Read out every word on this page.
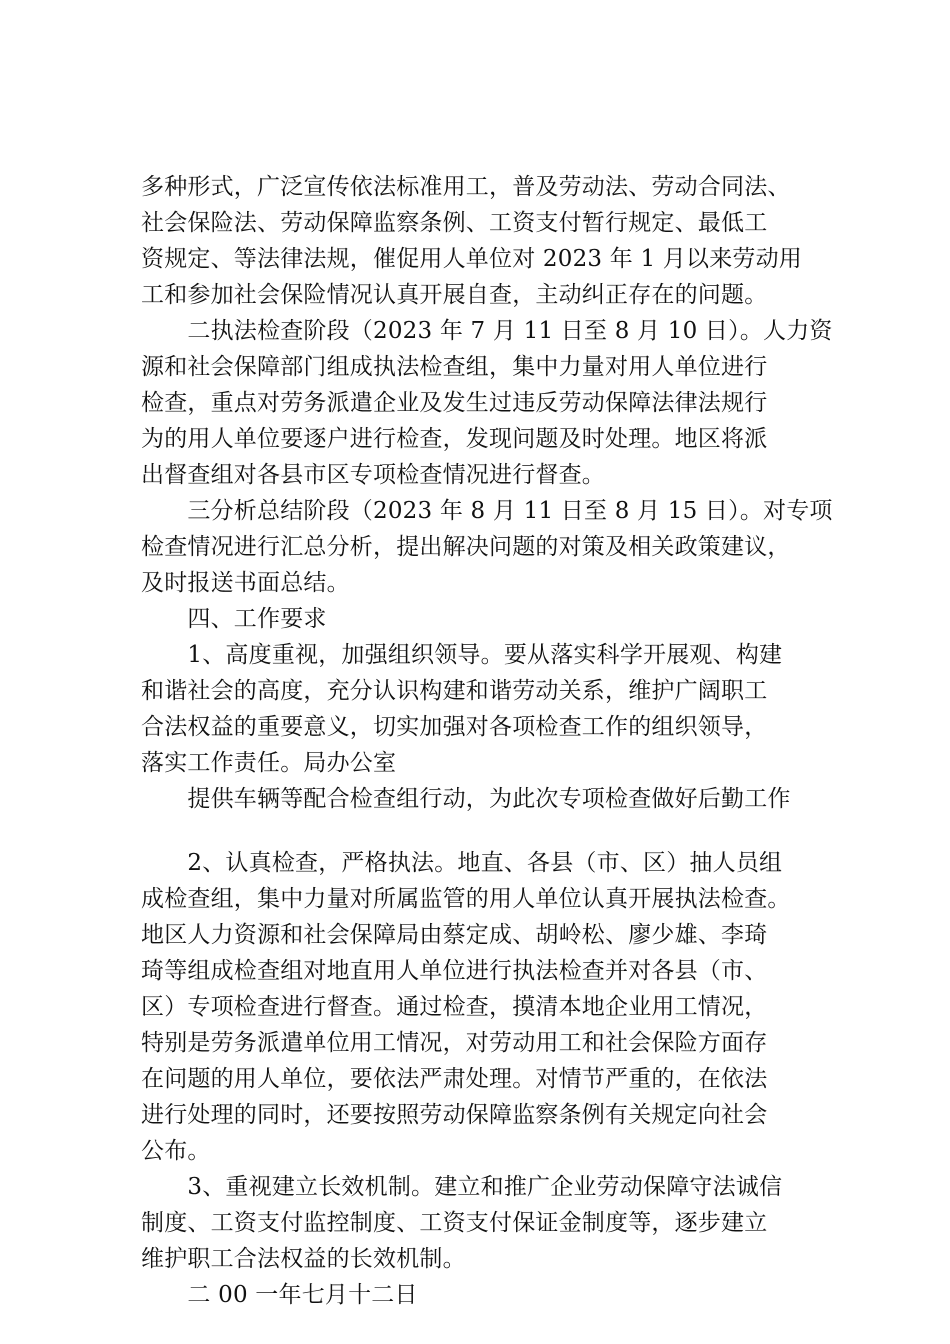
多种形式，广泛宣传依法标准用工，普及劳动法、劳动合同法、
社会保险法、劳动保障监察条例、工资支付暂行规定、最低工
资规定、等法律法规，催促用人单位对 2023 年 1 月以来劳动用
工和参加社会保险情况认真开展自查，主动纠正存在的问题。
　　二执法检查阶段（2023 年 7 月 11 日至 8 月 10 日）。人力资
源和社会保障部门组成执法检查组，集中力量对用人单位进行
检查，重点对劳务派遣企业及发生过违反劳动保障法律法规行
为的用人单位要逐户进行检查，发现问题及时处理。地区将派
出督查组对各县市区专项检查情况进行督查。
　　三分析总结阶段（2023 年 8 月 11 日至 8 月 15 日）。对专项
检查情况进行汇总分析，提出解决问题的对策及相关政策建议，
及时报送书面总结。
　　四、工作要求
　　1、高度重视，加强组织领导。要从落实科学开展观、构建
和谐社会的高度，充分认识构建和谐劳动关系，维护广阔职工
合法权益的重要意义，切实加强对各项检查工作的组织领导，
落实工作责任。局办公室
　　提供车辆等配合检查组行动，为此次专项检查做好后勤工作
　　2、认真检查，严格执法。地直、各县（市、区）抽人员组
成检查组，集中力量对所属监管的用人单位认真开展执法检查。
地区人力资源和社会保障局由蔡定成、胡岭松、廖少雄、李琦
琦等组成检查组对地直用人单位进行执法检查并对各县（市、
区）专项检查进行督查。通过检查，摸清本地企业用工情况，
特别是劳务派遣单位用工情况，对劳动用工和社会保险方面存
在问题的用人单位，要依法严肃处理。对情节严重的，在依法
进行处理的同时，还要按照劳动保障监察条例有关规定向社会
公布。
　　3、重视建立长效机制。建立和推广企业劳动保障守法诚信
制度、工资支付监控制度、工资支付保证金制度等，逐步建立
维护职工合法权益的长效机制。
　　二 00 一年七月十二日
